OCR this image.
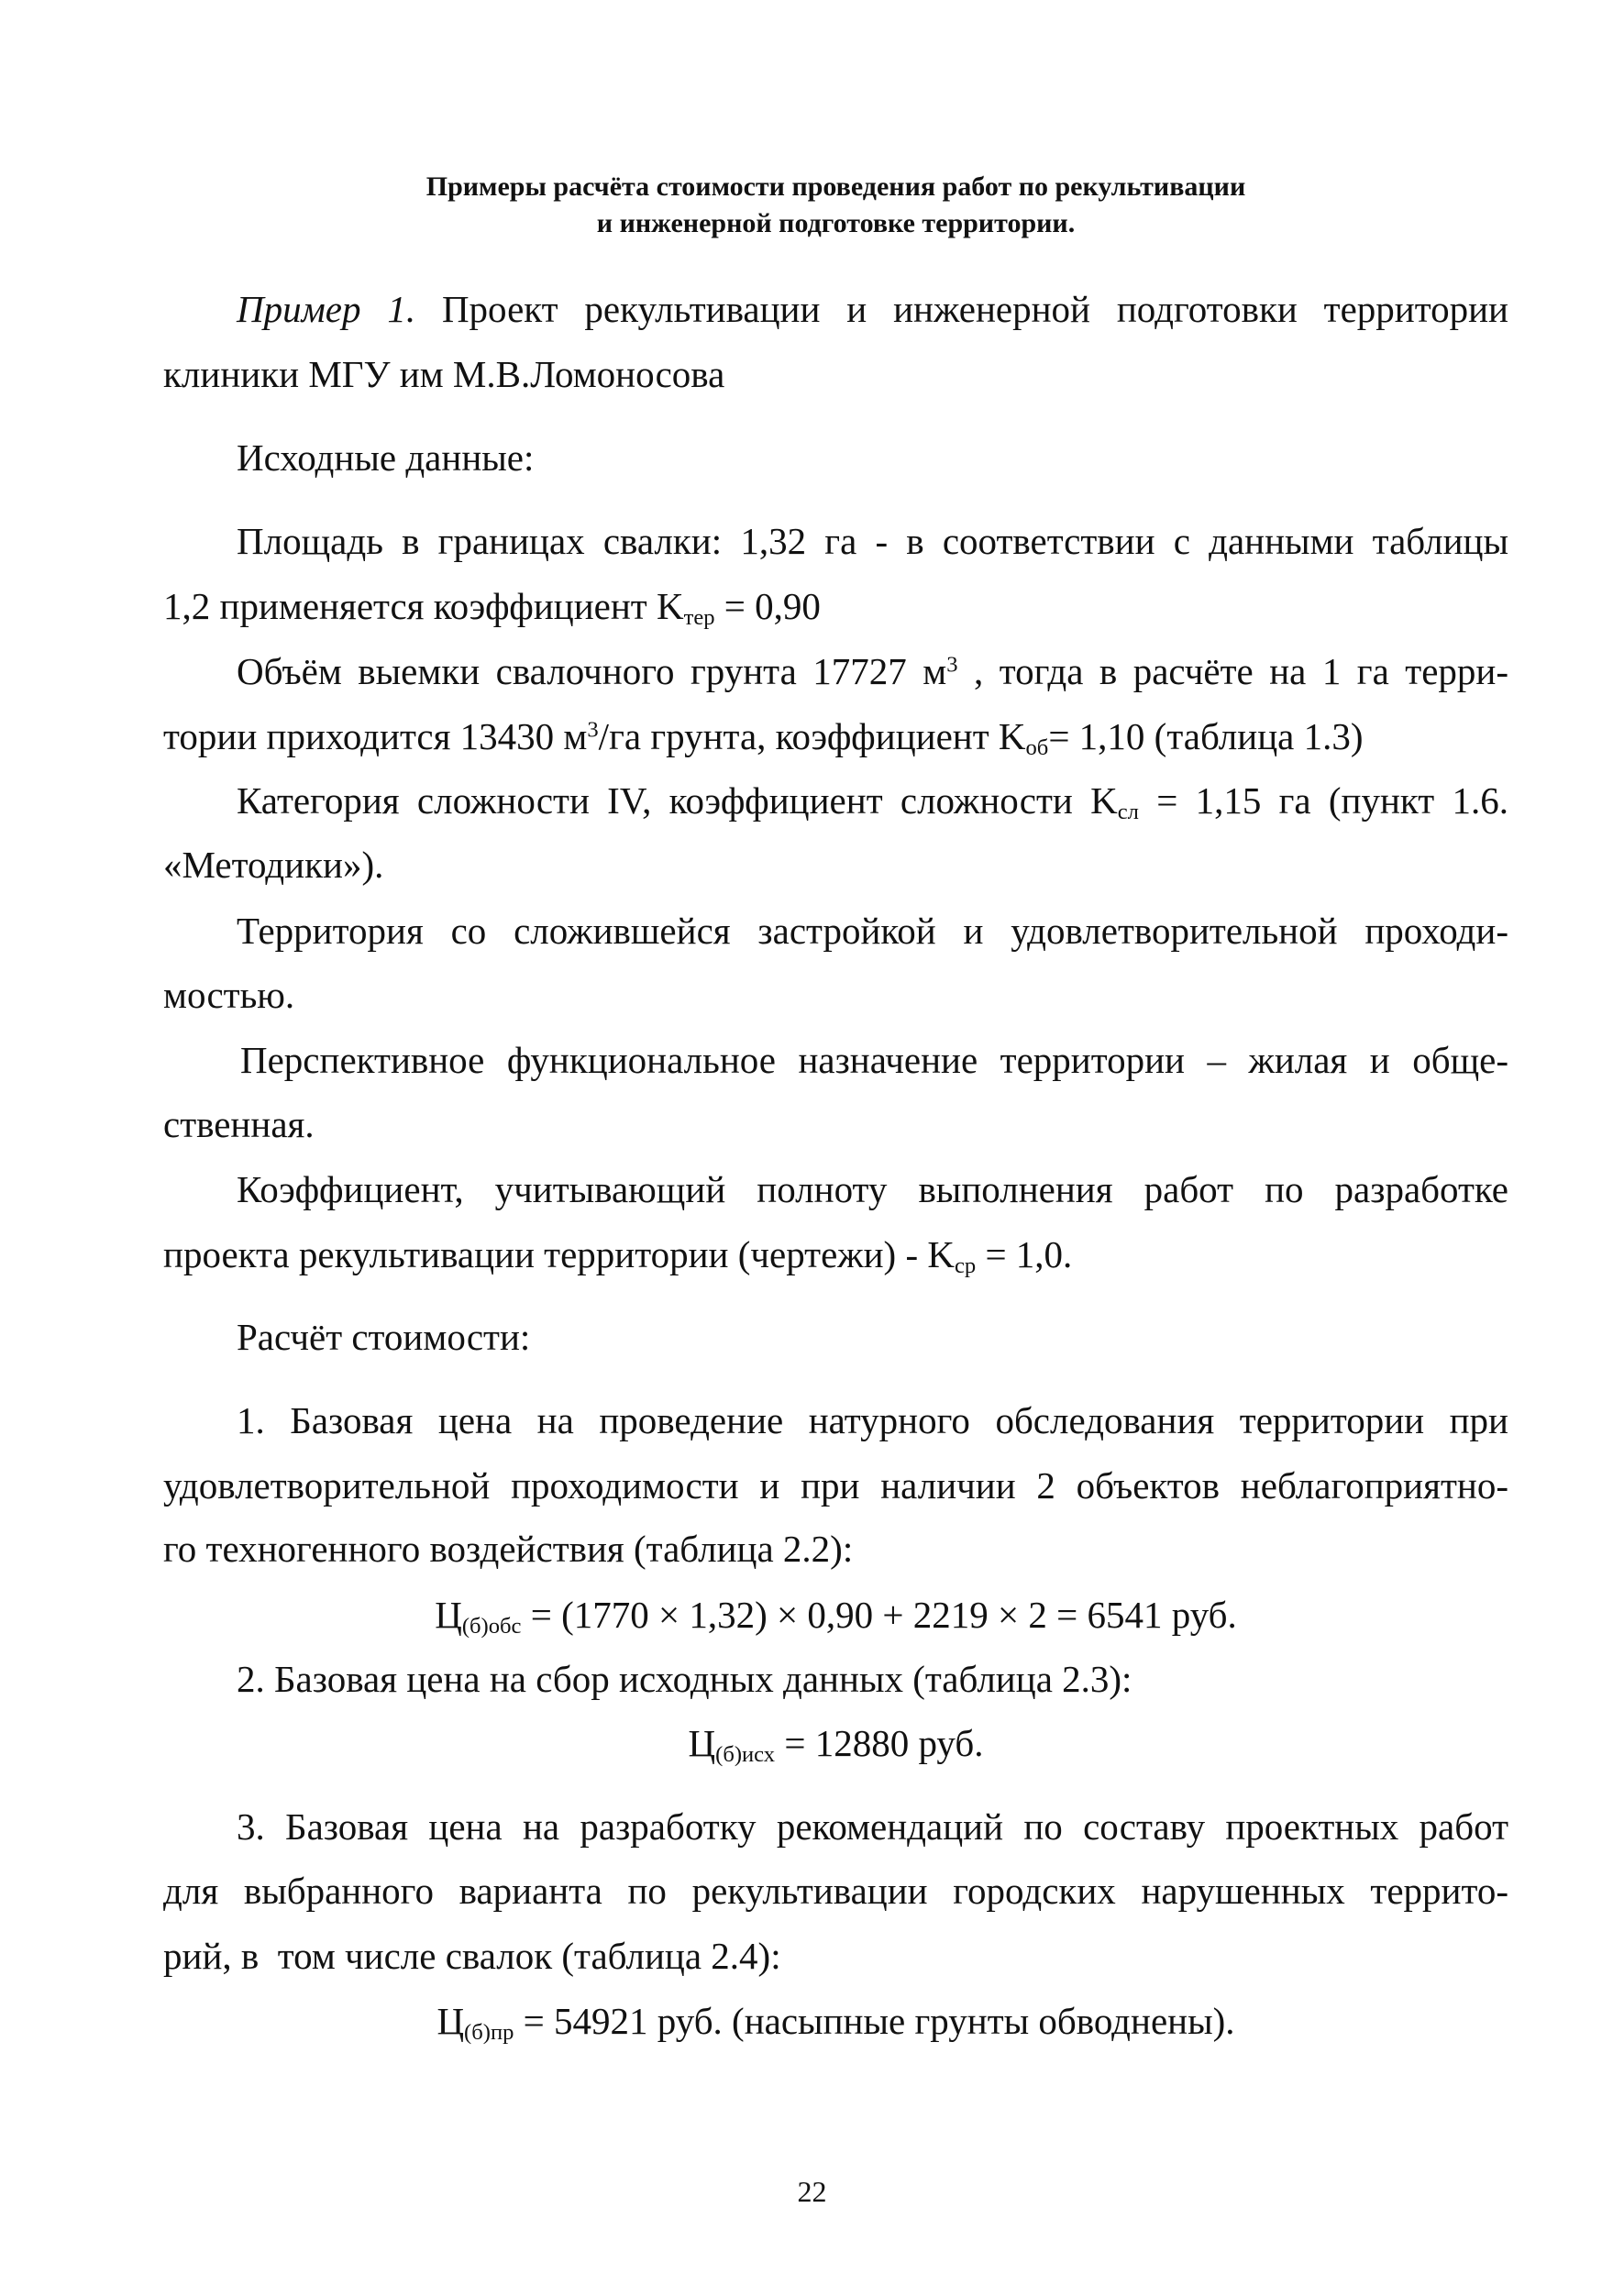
Примеры расчёта стоимости проведения работ по рекультивации
и инженерной подготовке территории.
Пример 1. Проект рекультивации и инженерной подготовки территории
клиники МГУ им М.В.Ломоносова
Исходные данные:
Площадь в границах свалки: 1,32 га - в соответствии с данными таблицы
1,2 применяется коэффициент $K_{тер} = 0,90$
Объём выемки свалочного грунта 17727 $м^3$ , тогда в расчёте на 1 га терри-
тории приходится 13430 $м^3/га$ грунта, коэффициент $K_{об}= 1,10$ (таблица 1.3)
Категория сложности IV, коэффициент сложности $K_{сл} = 1,15$ га (пункт 1.6.
«Методики»).
Территория со сложившейся застройкой и удовлетворительной проходи-
мостью.
Перспективное функциональное назначение территории – жилая и обще-
ственная.
Коэффициент, учитывающий полноту выполнения работ по разработке
проекта рекультивации территории (чертежи) - $K_{ср} = 1,0$.
Расчёт стоимости:
1. Базовая цена на проведение натурного обследования территории при
удовлетворительной проходимости и при наличии 2 объектов неблагоприятно-
го техногенного воздействия (таблица 2.2):
$Ц_{(б)обс} = (1770 \times 1,32) \times 0,90 + 2219 \times 2 = 6541$ руб.
2. Базовая цена на сбор исходных данных (таблица 2.3):
$Ц_{(б)исх} = 12880$ руб.
3. Базовая цена на разработку рекомендаций по составу проектных работ
для выбранного варианта по рекультивации городских нарушенных террито-
рий, в  том числе свалок (таблица 2.4):
$Ц_{(б)пр} = 54921$ руб. (насыпные грунты обводнены).
22
